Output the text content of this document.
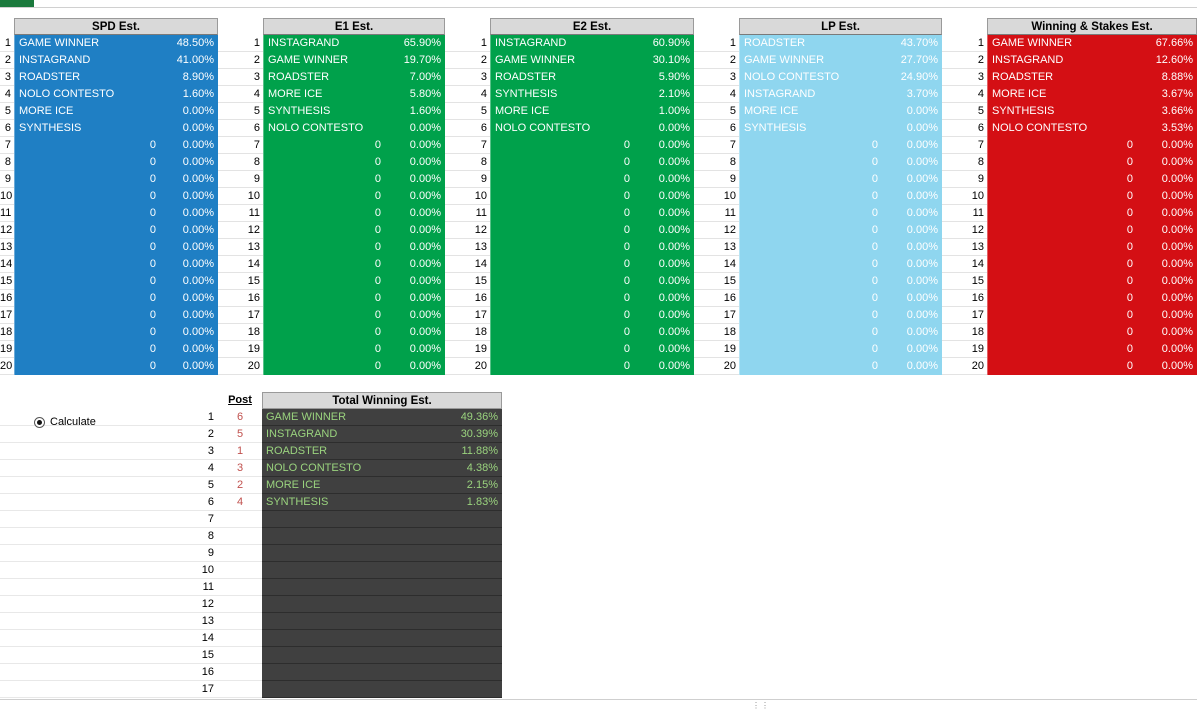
SPD Est.
1 GAME WINNER	48.50%
2 INSTAGRAND	41.00%
3 ROADSTER	8.90%
4 NOLO CONTESTO	1.60%
5 MORE ICE	0.00%
6 SYNTHESIS	0.00%
7	0	0.00%
8	0	0.00%
9	0	0.00%
10	0	0.00%
11	0	0.00%
12	0	0.00%
13	0	0.00%
14	0	0.00%
15	0	0.00%
16	0	0.00%
17	0	0.00%
18	0	0.00%
19	0	0.00%
20	0	0.00%
E1 Est.
1 INSTAGRAND	65.90%
2 GAME WINNER	19.70%
3 ROADSTER	7.00%
4 MORE ICE	5.80%
5 SYNTHESIS	1.60%
6 NOLO CONTESTO	0.00%
7	0	0.00%
8	0	0.00%
9	0	0.00%
10	0	0.00%
11	0	0.00%
12	0	0.00%
13	0	0.00%
14	0	0.00%
15	0	0.00%
16	0	0.00%
17	0	0.00%
18	0	0.00%
19	0	0.00%
20	0	0.00%
E2 Est.
1 INSTAGRAND	60.90%
2 GAME WINNER	30.10%
3 ROADSTER	5.90%
4 SYNTHESIS	2.10%
5 MORE ICE	1.00%
6 NOLO CONTESTO	0.00%
7	0	0.00%
8	0	0.00%
9	0	0.00%
10	0	0.00%
11	0	0.00%
12	0	0.00%
13	0	0.00%
14	0	0.00%
15	0	0.00%
16	0	0.00%
17	0	0.00%
18	0	0.00%
19	0	0.00%
20	0	0.00%
LP Est.
1 ROADSTER	43.70%
2 GAME WINNER	27.70%
3 NOLO CONTESTO	24.90%
4 INSTAGRAND	3.70%
5 MORE ICE	0.00%
6 SYNTHESIS	0.00%
7	0	0.00%
8	0	0.00%
9	0	0.00%
10	0	0.00%
11	0	0.00%
12	0	0.00%
13	0	0.00%
14	0	0.00%
15	0	0.00%
16	0	0.00%
17	0	0.00%
18	0	0.00%
19	0	0.00%
20	0	0.00%
Winning & Stakes Est.
1 GAME WINNER	67.66%
2 INSTAGRAND	12.60%
3 ROADSTER	8.88%
4 MORE ICE	3.67%
5 SYNTHESIS	3.66%
6 NOLO CONTESTO	3.53%
7	0	0.00%
8	0	0.00%
9	0	0.00%
10	0	0.00%
11	0	0.00%
12	0	0.00%
13	0	0.00%
14	0	0.00%
15	0	0.00%
16	0	0.00%
17	0	0.00%
18	0	0.00%
19	0	0.00%
20	0	0.00%
Post	Total Winning Est.
1	6	GAME WINNER	49.36%
2	5	INSTAGRAND	30.39%
3	1	ROADSTER	11.88%
4	3	NOLO CONTESTO	4.38%
5	2	MORE ICE	2.15%
6	4	SYNTHESIS	1.83%
7
8
9
10
11
12
13
14
15
16
17
Calculate
⋮⋮
